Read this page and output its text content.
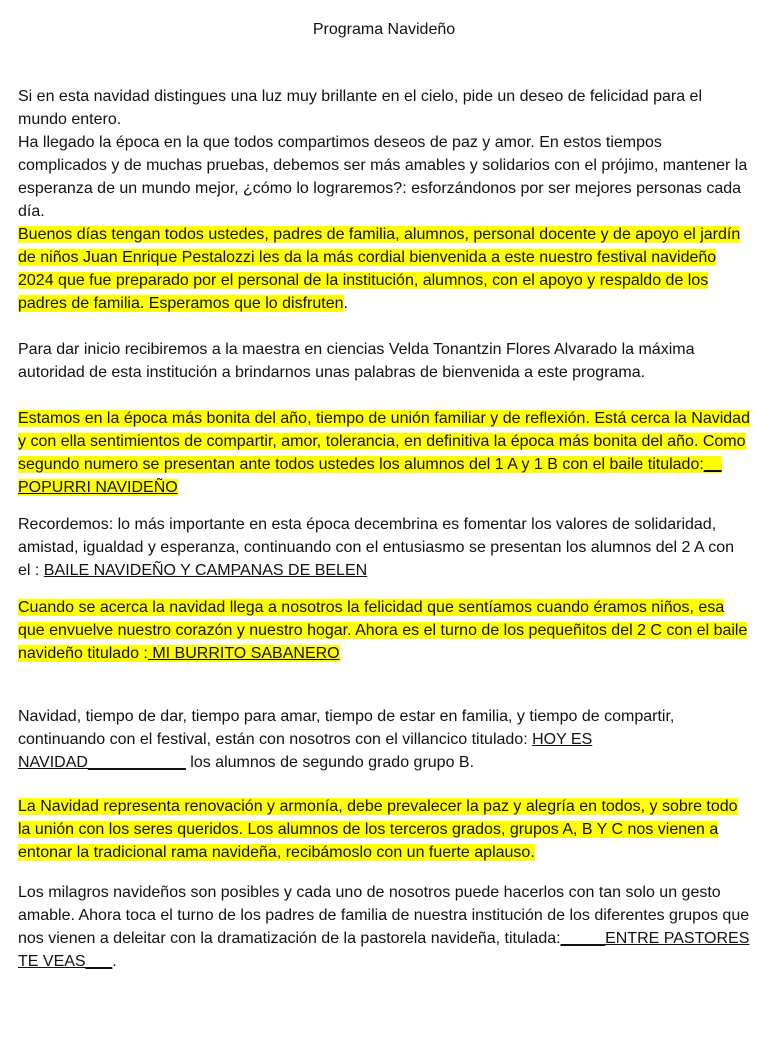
Programa Navideño

Si en esta navidad distingues una luz muy brillante en el cielo, pide un deseo de felicidad para el mundo entero.

Ha llegado la época en la que todos compartimos deseos de paz y amor. En estos tiempos complicados y de muchas pruebas, debemos ser más amables y solidarios con el prójimo, mantener la esperanza de un mundo mejor, ¿cómo lo lograremos?: esforzándonos por ser mejores personas cada día.

Buenos días tengan todos ustedes, padres de familia, alumnos, personal docente y de apoyo el jardín de niños Juan Enrique Pestalozzi les da la más cordial bienvenida a este nuestro festival navideño 2024 que fue preparado por el personal de la institución, alumnos, con el apoyo y respaldo de los padres de familia. Esperamos que lo disfruten.

Para dar inicio recibiremos a la maestra en ciencias Velda Tonantzin Flores Alvarado la máxima autoridad de esta institución a brindarnos unas palabras de bienvenida a este programa.

Estamos en la época más bonita del año, tiempo de unión familiar y de reflexión. Está cerca la Navidad y con ella sentimientos de compartir, amor, tolerancia, en definitiva la época más bonita del año. Como segundo numero se presentan ante todos ustedes los alumnos del 1 A y 1 B con el baile titulado:__ POPURRI NAVIDEÑO

Recordemos: lo más importante en esta época decembrina es fomentar los valores de solidaridad, amistad, igualdad y esperanza, continuando con el entusiasmo se presentan los alumnos del 2 A con el : BAILE NAVIDEÑO Y CAMPANAS DE BELEN

Cuando se acerca la navidad llega a nosotros la felicidad que sentíamos cuando éramos niños, esa que envuelve nuestro corazón y nuestro hogar. Ahora es el turno de los pequeñitos del 2 C con el baile navideño titulado : MI BURRITO SABANERO

Navidad, tiempo de dar, tiempo para amar, tiempo de estar en familia, y tiempo de compartir, continuando con el festival, están con nosotros con el villancico titulado: HOY ES NAVIDAD___________ los alumnos de segundo grado grupo B.

La Navidad representa renovación y armonía, debe prevalecer la paz y alegría en todos, y sobre todo la unión con los seres queridos. Los alumnos de los terceros grados, grupos A, B Y C nos vienen a entonar la tradicional rama navideña, recibámoslo con un fuerte aplauso.

Los milagros navideños son posibles y cada uno de nosotros puede hacerlos con tan solo un gesto amable. Ahora toca el turno de los padres de familia de nuestra institución de los diferentes grupos que nos vienen a deleitar con la dramatización de la pastorela navideña, titulada:_____ENTRE PASTORES TE VEAS___.
